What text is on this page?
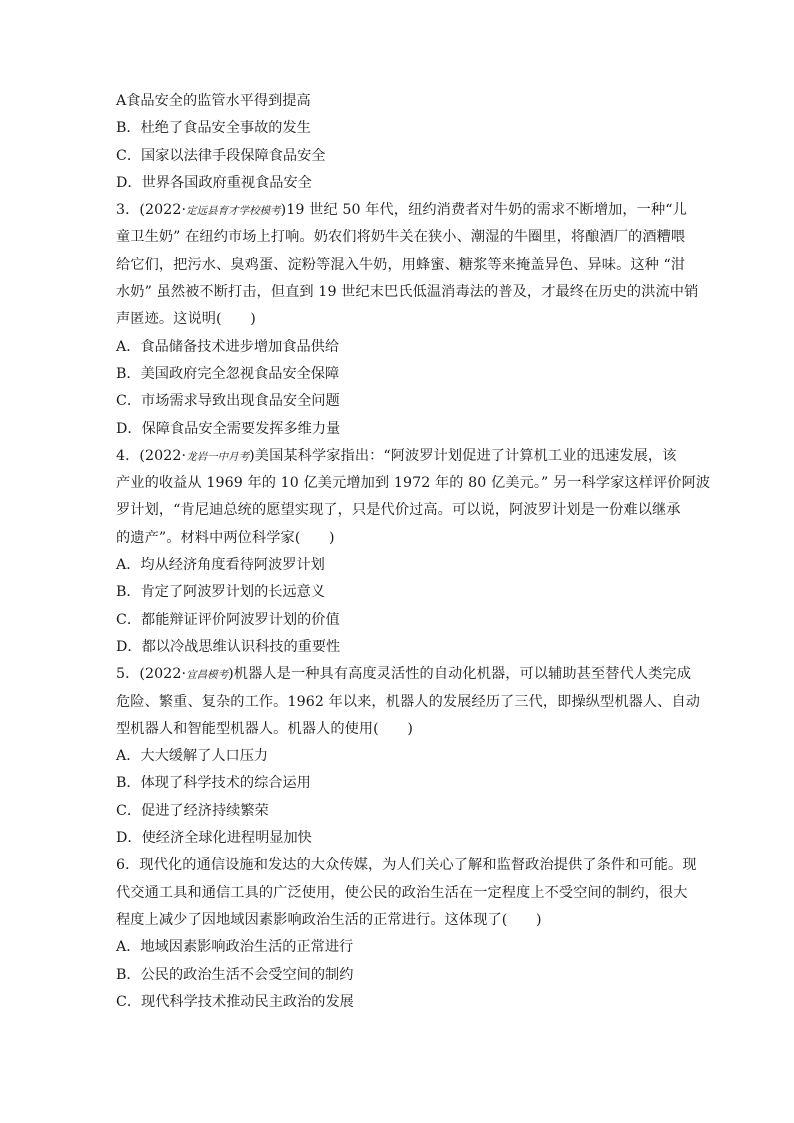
A食品安全的监管水平得到提高
B．杜绝了食品安全事故的发生
C．国家以法律手段保障食品安全
D．世界各国政府重视食品安全
3．(2022·定远县育才学校模考)19 世纪 50 年代，纽约消费者对牛奶的需求不断增加，一种“儿
童卫生奶” 在纽约市场上打响。奶农们将奶牛关在狭小、潮湿的牛圈里，将酿酒厂的酒糟喂
给它们，把污水、臭鸡蛋、淀粉等混入牛奶，用蜂蜜、糖浆等来掩盖异色、异味。这种 “泔
水奶” 虽然被不断打击，但直到 19 世纪末巴氏低温消毒法的普及，才最终在历史的洪流中销
声匿迹。这说明(　　)
A．食品储备技术进步增加食品供给
B．美国政府完全忽视食品安全保障
C．市场需求导致出现食品安全问题
D．保障食品安全需要发挥多维力量
4．(2022·龙岩一中月考)美国某科学家指出：“阿波罗计划促进了计算机工业的迅速发展，该
产业的收益从 1969 年的 10 亿美元增加到 1972 年的 80 亿美元。” 另一科学家这样评价阿波
罗计划，“肯尼迪总统的愿望实现了，只是代价过高。可以说，阿波罗计划是一份难以继承
的遗产”。材料中两位科学家(　　)
A．均从经济角度看待阿波罗计划
B．肯定了阿波罗计划的长远意义
C．都能辩证评价阿波罗计划的价值
D．都以冷战思维认识科技的重要性
5．(2022·宜昌模考)机器人是一种具有高度灵活性的自动化机器，可以辅助甚至替代人类完成
危险、繁重、复杂的工作。1962 年以来，机器人的发展经历了三代，即操纵型机器人、自动
型机器人和智能型机器人。机器人的使用(　　)
A．大大缓解了人口压力
B．体现了科学技术的综合运用
C．促进了经济持续繁荣
D．使经济全球化进程明显加快
6．现代化的通信设施和发达的大众传媒，为人们关心了解和监督政治提供了条件和可能。现
代交通工具和通信工具的广泛使用，使公民的政治生活在一定程度上不受空间的制约，很大
程度上减少了因地域因素影响政治生活的正常进行。这体现了(　　)
A．地域因素影响政治生活的正常进行
B．公民的政治生活不会受空间的制约
C．现代科学技术推动民主政治的发展
